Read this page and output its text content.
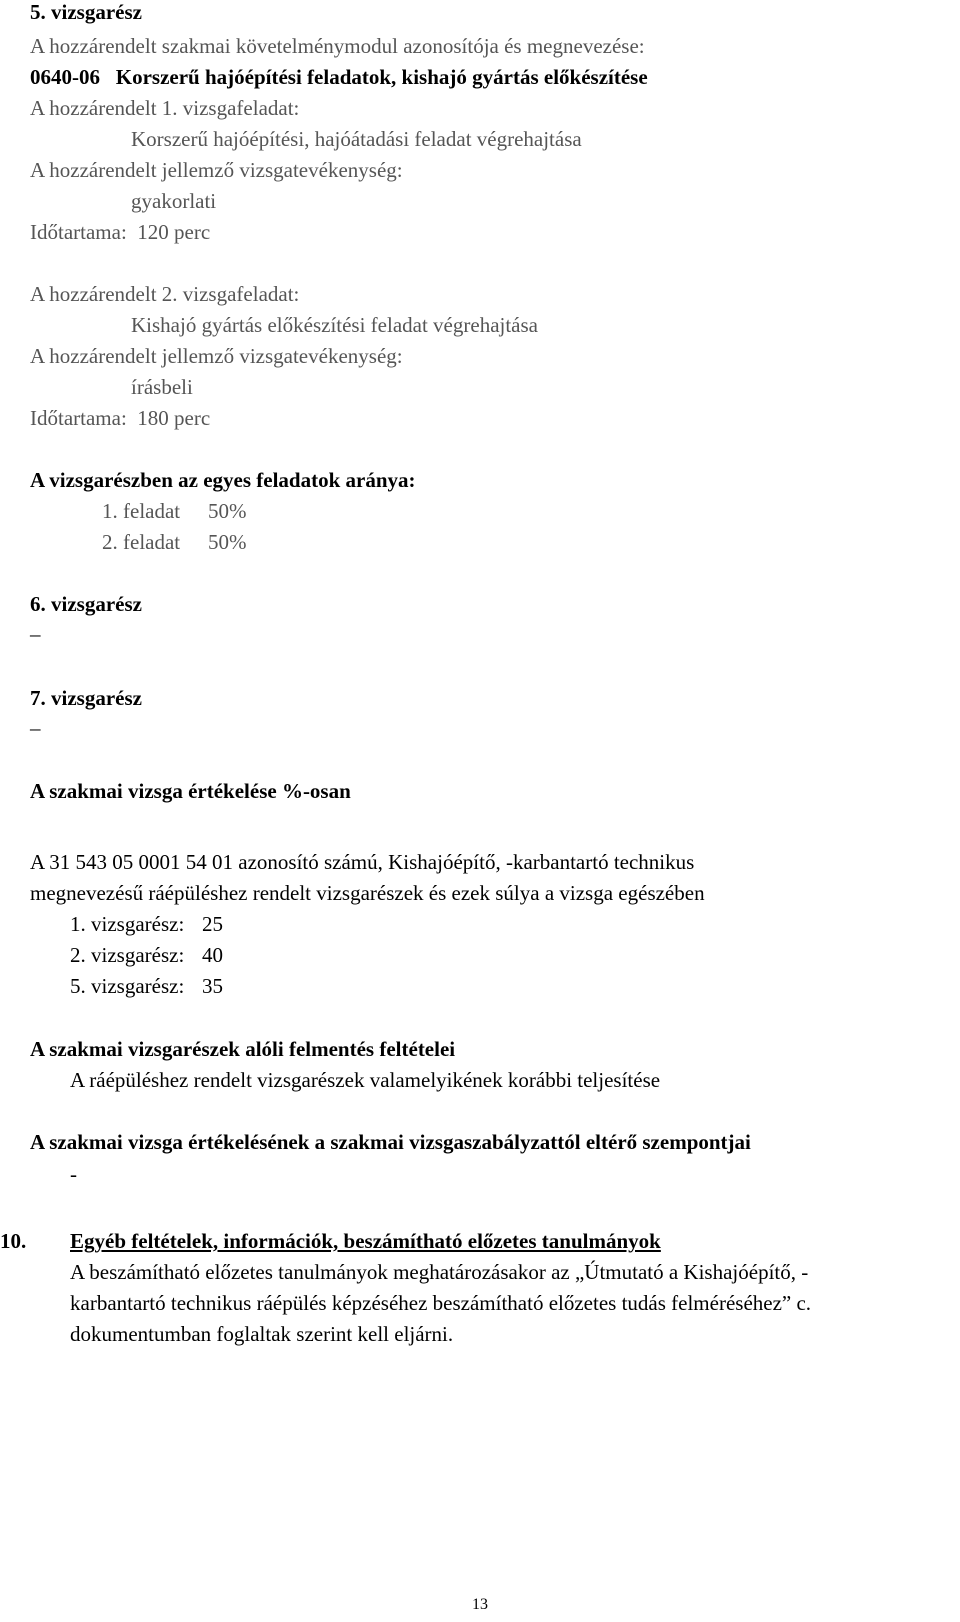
5. vizsgarész
A hozzárendelt szakmai követelménymodul azonosítója és megnevezése:
0640-06   Korszerű hajóépítési feladatok, kishajó gyártás előkészítése
A hozzárendelt 1. vizsgafeladat:
Korszerű hajóépítési, hajóátadási feladat végrehajtása
A hozzárendelt jellemző vizsgatevékenység:
gyakorlati
Időtartama:  120 perc
A hozzárendelt 2. vizsgafeladat:
Kishajó gyártás előkészítési feladat végrehajtása
A hozzárendelt jellemző vizsgatevékenység:
írásbeli
Időtartama:  180 perc
A vizsgarészben az egyes feladatok aránya:
1. feladat	50%
2. feladat	50%
6. vizsgarész
–
7. vizsgarész
–
A szakmai vizsga értékelése %-osan
A 31 543 05 0001 54 01 azonosító számú, Kishajóépítő, -karbantartó technikus
megnevezésű ráépüléshez rendelt vizsgarészek és ezek súlya a vizsga egészében
1. vizsgarész: 25
2. vizsgarész: 40
5. vizsgarész: 35
A szakmai vizsgarészek alóli felmentés feltételei
A ráépüléshez rendelt vizsgarészek valamelyikének korábbi teljesítése
A szakmai vizsga értékelésének a szakmai vizsgaszabályzattól eltérő szempontjai
-
10. Egyéb feltételek, információk, beszámítható előzetes tanulmányok
A beszámítható előzetes tanulmányok meghatározásakor az „Útmutató a Kishajóépítő, -
karbantartó technikus ráépülés képzéséhez beszámítható előzetes tudás felméréséhez” c.
dokumentumban foglaltak szerint kell eljárni.
13
